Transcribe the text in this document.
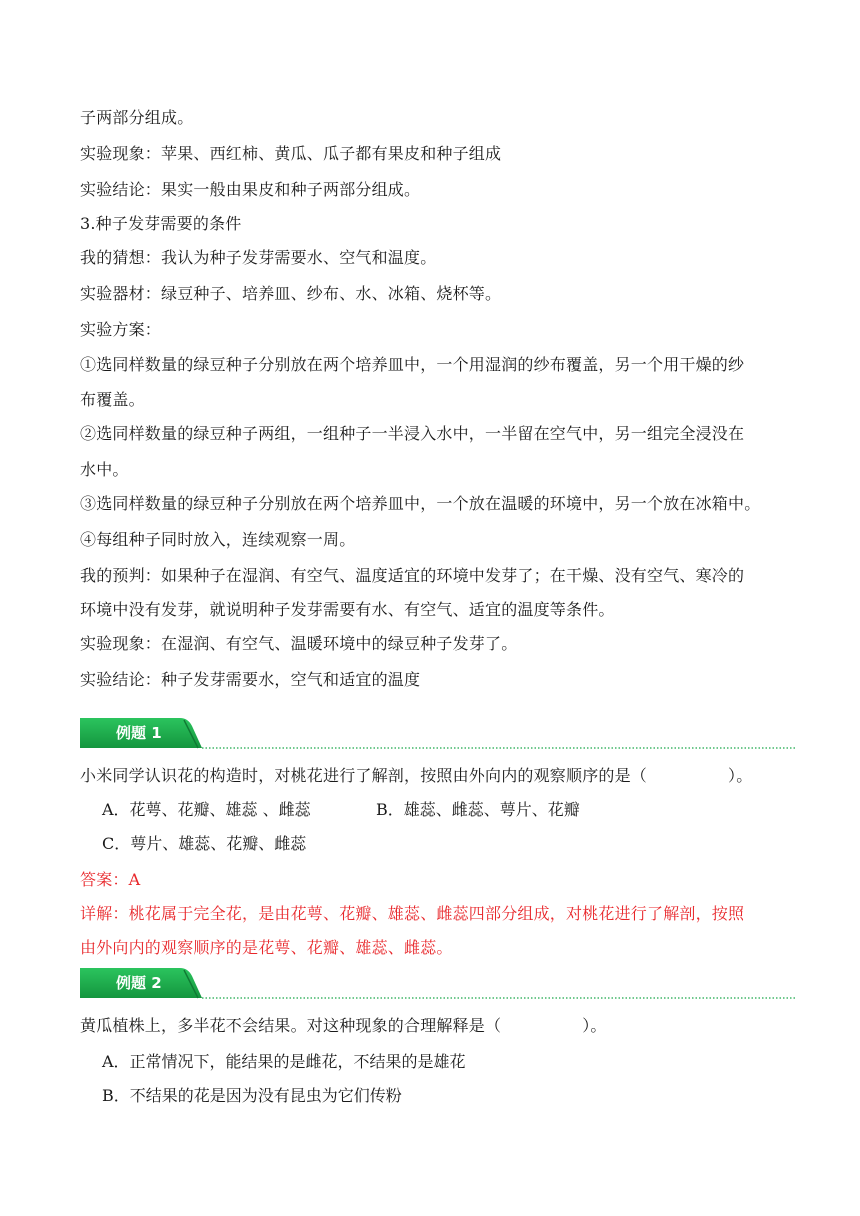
子两部分组成。
实验现象：苹果、西红柿、黄瓜、瓜子都有果皮和种子组成
实验结论：果实一般由果皮和种子两部分组成。
3.种子发芽需要的条件
我的猜想：我认为种子发芽需要水、空气和温度。
实验器材：绿豆种子、培养皿、纱布、水、冰箱、烧杯等。
实验方案：
①选同样数量的绿豆种子分别放在两个培养皿中，一个用湿润的纱布覆盖，另一个用干燥的纱
布覆盖。
②选同样数量的绿豆种子两组，一组种子一半浸入水中，一半留在空气中，另一组完全浸没在
水中。
③选同样数量的绿豆种子分别放在两个培养皿中，一个放在温暖的环境中，另一个放在冰箱中。
④每组种子同时放入，连续观察一周。
我的预判：如果种子在湿润、有空气、温度适宜的环境中发芽了；在干燥、没有空气、寒冷的
环境中没有发芽，就说明种子发芽需要有水、有空气、适宜的温度等条件。
实验现象：在湿润、有空气、温暖环境中的绿豆种子发芽了。
实验结论：种子发芽需要水，空气和适宜的温度
例题 1
小米同学认识花的构造时，对桃花进行了解剖，按照由外向内的观察顺序的是（　　　　　）。
A．花萼、花瓣、雄蕊 、雌蕊	B．雄蕊、雌蕊、萼片、花瓣
C．萼片、雄蕊、花瓣、雌蕊
答案：A
详解：桃花属于完全花，是由花萼、花瓣、雄蕊、雌蕊四部分组成，对桃花进行了解剖，按照
由外向内的观察顺序的是花萼、花瓣、雄蕊、雌蕊。
例题 2
黄瓜植株上，多半花不会结果。对这种现象的合理解释是（　　　　　）。
A．正常情况下，能结果的是雌花，不结果的是雄花
B．不结果的花是因为没有昆虫为它们传粉
